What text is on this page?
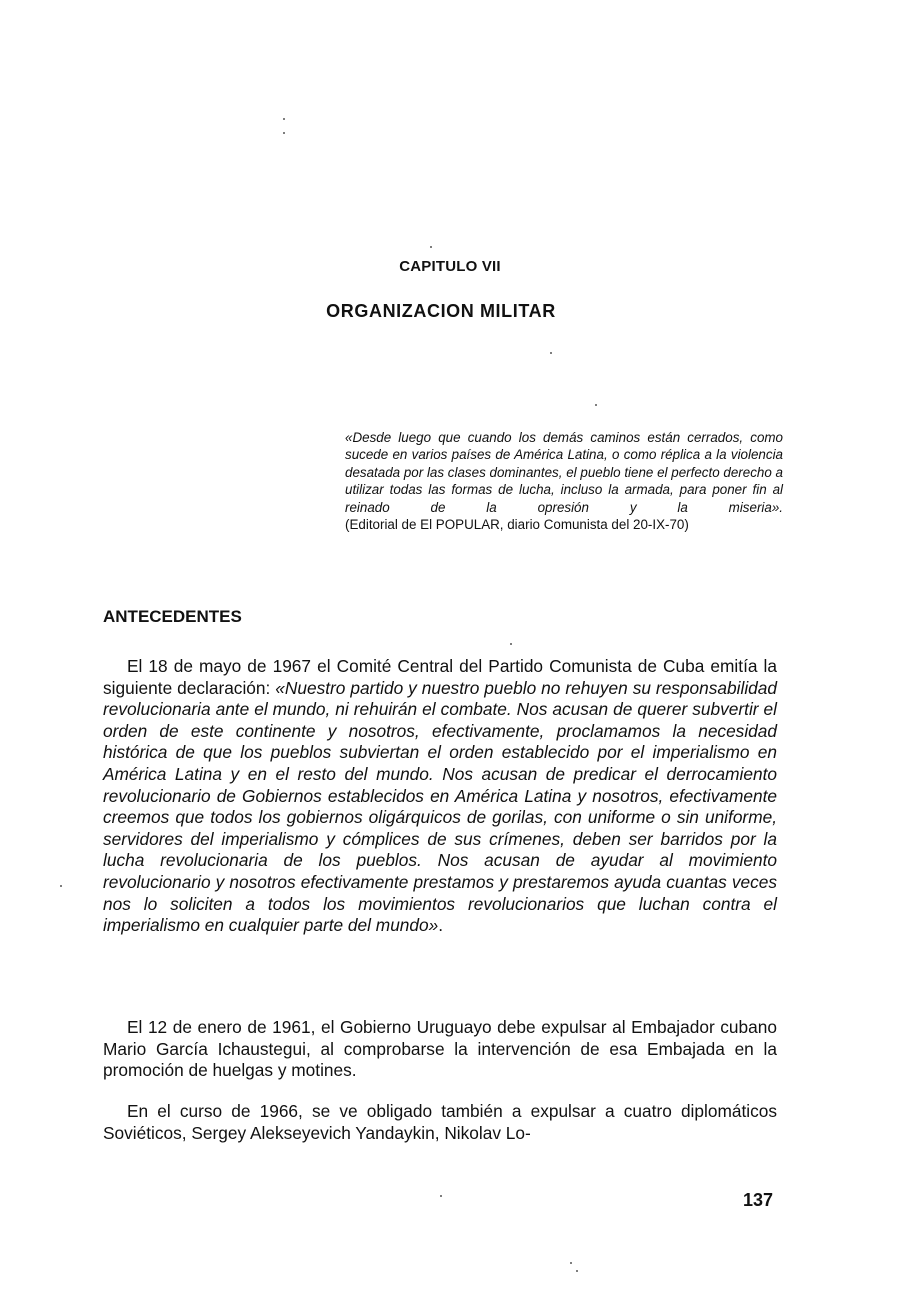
CAPITULO VII
ORGANIZACION MILITAR
«Desde luego que cuando los demás caminos están cerrados, como sucede en varios países de América Latina, o como réplica a la violencia desatada por las clases dominantes, el pueblo tiene el perfecto derecho a utilizar todas las formas de lucha, incluso la armada, para poner fin al reinado de la opresión y la miseria».
(Editorial de El POPULAR, diario Comunista del 20-IX-70)
ANTECEDENTES

El 18 de mayo de 1967 el Comité Central del Partido Comunista de Cuba emitía la siguiente declaración: «Nuestro partido y nuestro pueblo no rehuyen su responsabilidad revolucionaria ante el mundo, ni rehuirán el combate. Nos acusan de querer subvertir el orden de este continente y nosotros, efectivamente, proclamamos la necesidad histórica de que los pueblos subviertan el orden establecido por el imperialismo en América Latina y en el resto del mundo. Nos acusan de predicar el derrocamiento revolucionario de Gobiernos establecidos en América Latina y nosotros, efectivamente creemos que todos los gobiernos oligárquicos de gorilas, con uniforme o sin uniforme, servidores del imperialismo y cómplices de sus crímenes, deben ser barridos por la lucha revolucionaria de los pueblos. Nos acusan de ayudar al movimiento revolucionario y nosotros efectivamente prestamos y prestaremos ayuda cuantas veces nos lo soliciten a todos los movimientos revolucionarios que luchan contra el imperialismo en cualquier parte del mundo».

El 12 de enero de 1961, el Gobierno Uruguayo debe expulsar al Embajador cubano Mario García Ichaustegui, al comprobarse la intervención de esa Embajada en la promoción de huelgas y motines.

En el curso de 1966, se ve obligado también a expulsar a cuatro diplomáticos Soviéticos, Sergey Alekseyevich Yandaykin, Nikolav Lo-

137
